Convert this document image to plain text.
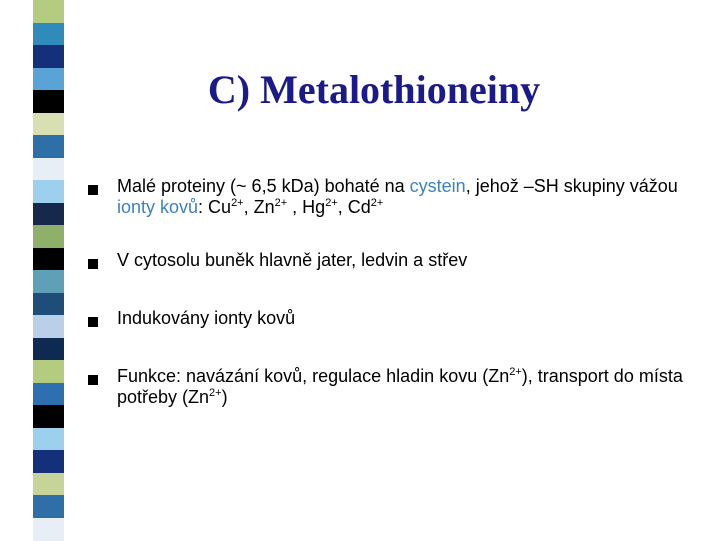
C) Metalothioneiny
Malé proteiny (~ 6,5 kDa) bohaté na cystein, jehož –SH skupiny vážou ionty kovů: $Cu^{2+}$, $Zn^{2+}$ , $Hg^{2+}$, $Cd^{2+}$
V cytosolu buněk hlavně jater, ledvin a střev
Indukovány ionty kovů
Funkce: navázání kovů, regulace hladin kovu $(Zn^{2+})$, transport do místa potřeby $(Zn^{2+})$
